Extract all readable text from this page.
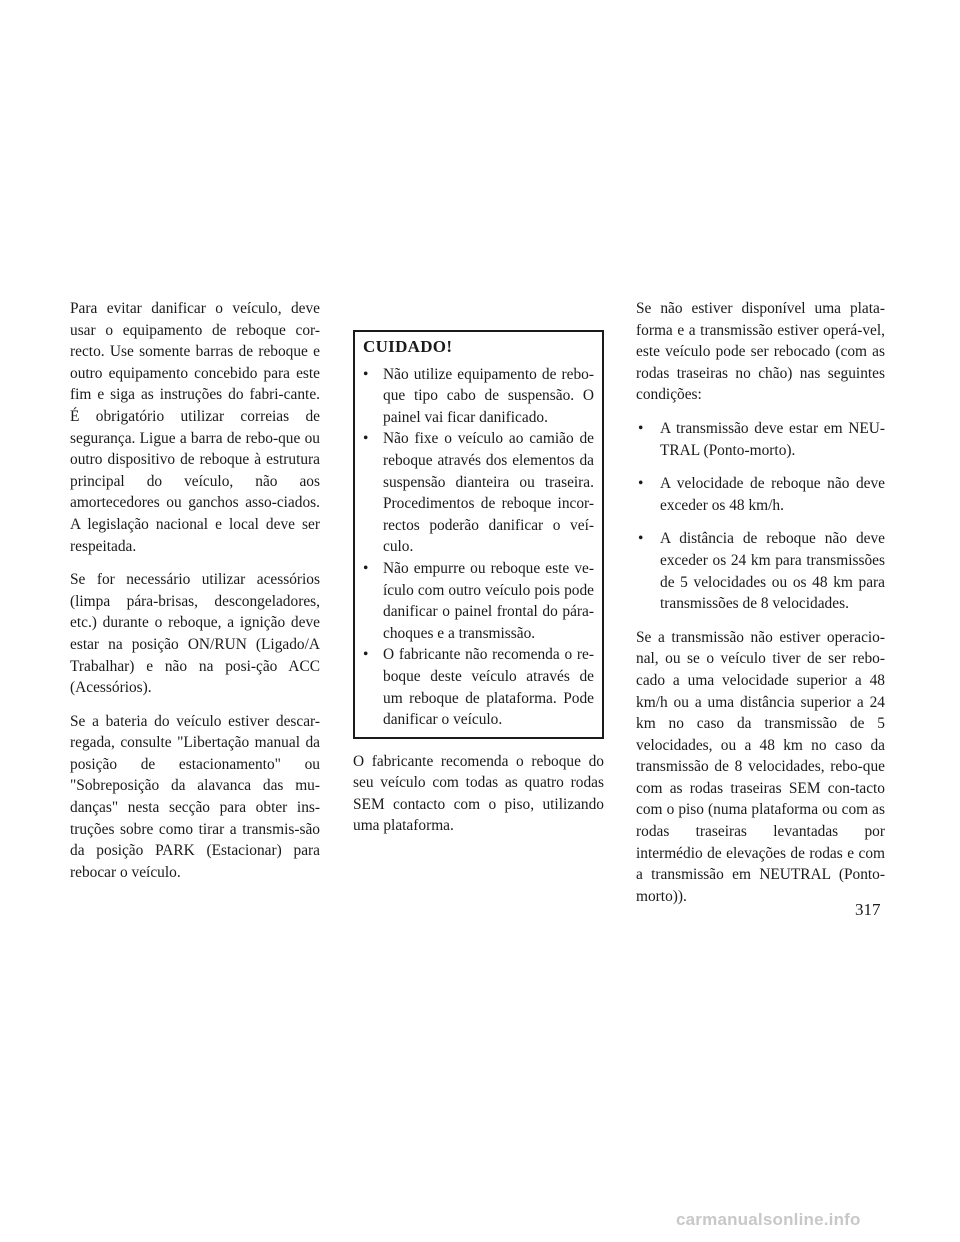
Para evitar danificar o veículo, deve usar o equipamento de reboque cor-recto. Use somente barras de reboque e outro equipamento concebido para este fim e siga as instruções do fabri-cante. É obrigatório utilizar correias de segurança. Ligue a barra de rebo-que ou outro dispositivo de reboque à estrutura principal do veículo, não aos amortecedores ou ganchos asso-ciados. A legislação nacional e local deve ser respeitada.

Se for necessário utilizar acessórios (limpa pára-brisas, descongeladores, etc.) durante o reboque, a ignição deve estar na posição ON/RUN (Ligado/A Trabalhar) e não na posi-ção ACC (Acessórios).

Se a bateria do veículo estiver descar-regada, consulte "Libertação manual da posição de estacionamento" ou "Sobreposição da alavanca das mu-danças" nesta secção para obter ins-truções sobre como tirar a transmis-são da posição PARK (Estacionar) para rebocar o veículo.

CUIDADO!
• Não utilize equipamento de rebo-que tipo cabo de suspensão. O painel vai ficar danificado.
• Não fixe o veículo ao camião de reboque através dos elementos da suspensão dianteira ou traseira. Procedimentos de reboque incor-rectos poderão danificar o veí-culo.
• Não empurre ou reboque este ve-ículo com outro veículo pois pode danificar o painel frontal do pára-choques e a transmissão.
• O fabricante não recomenda o re-boque deste veículo através de um reboque de plataforma. Pode danificar o veículo.

O fabricante recomenda o reboque do seu veículo com todas as quatro rodas SEM contacto com o piso, utilizando uma plataforma.

Se não estiver disponível uma plata-forma e a transmissão estiver operá-vel, este veículo pode ser rebocado (com as rodas traseiras no chão) nas seguintes condições:

• A transmissão deve estar em NEU-TRAL (Ponto-morto).
• A velocidade de reboque não deve exceder os 48 km/h.
• A distância de reboque não deve exceder os 24 km para transmissões de 5 velocidades ou os 48 km para transmissões de 8 velocidades.

Se a transmissão não estiver operacio-nal, ou se o veículo tiver de ser rebo-cado a uma velocidade superior a 48 km/h ou a uma distância superior a 24 km no caso da transmissão de 5 velocidades, ou a 48 km no caso da transmissão de 8 velocidades, rebo-que com as rodas traseiras SEM con-tacto com o piso (numa plataforma ou com as rodas traseiras levantadas por intermédio de elevações de rodas e com a transmissão em NEUTRAL (Ponto-morto)).

317
carmanualsonline.info
